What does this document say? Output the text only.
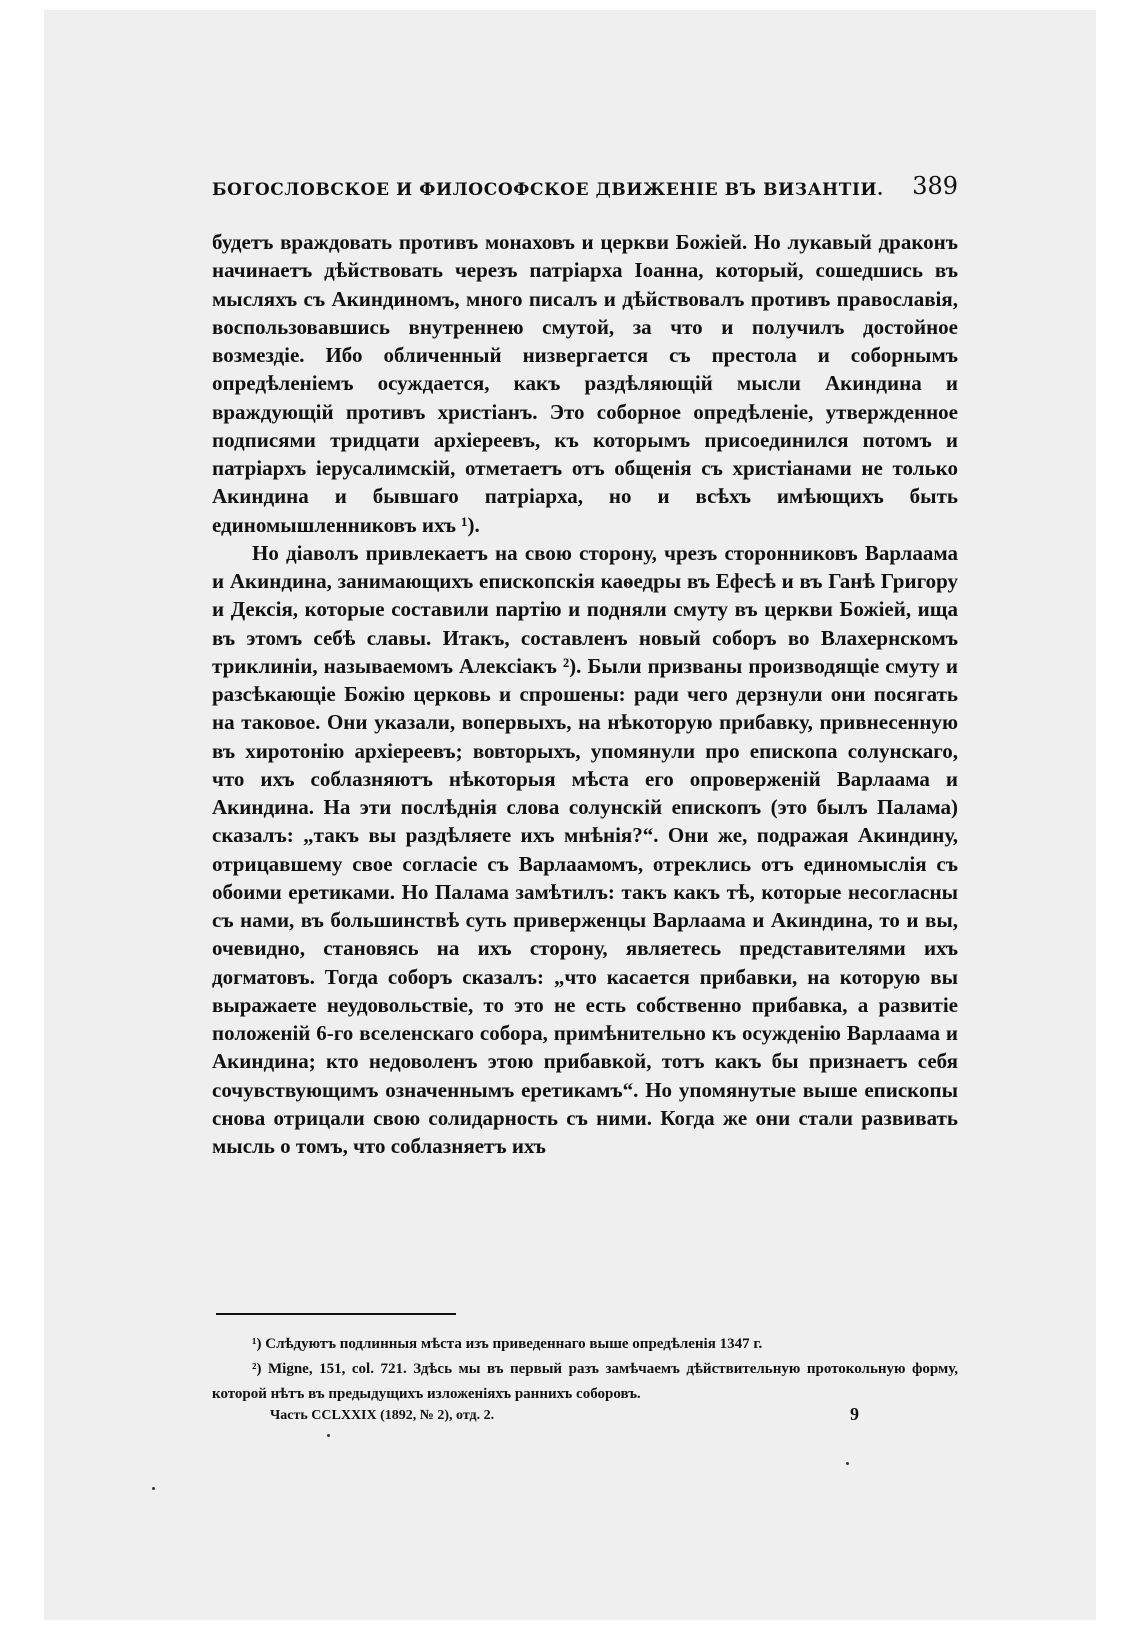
БОГОСЛОВСКОЕ И ФИЛОСОФСКОЕ ДВИЖЕНІЕ ВЪ ВИЗАНТІИ. 389

будетъ враждовать противъ монаховъ и церкви Божіей. Но лукавый драконъ начинаетъ дѣйствовать черезъ патріарха Іоанна, который, сошедшись въ мысляхъ съ Акиндиномъ, много писалъ и дѣйствовалъ противъ православія, воспользовавшись внутреннею смутой, за что и получилъ достойное возмездіе. Ибо обличенный низвергается съ престола и соборнымъ опредѣленіемъ осуждается, какъ раздѣляющій мысли Акиндина и враждующій противъ христіанъ. Это соборное опредѣленіе, утвержденное подписями тридцати архіереевъ, къ которымъ присоединился потомъ и патріархъ іерусалимскій, отметаетъ отъ общенія съ христіанами не только Акиндина и бывшаго патріарха, но и всѣхъ имѣющихъ быть единомышленниковъ ихъ ¹).

Но діаволъ привлекаетъ на свою сторону, чрезъ сторонниковъ Варлаама и Акиндина, занимающихъ епископскія каѳедры въ Ефесѣ и въ Ганѣ Григору и Дексія, которые составили партію и подняли смуту въ церкви Божіей, ища въ этомъ себѣ славы. Итакъ, составленъ новый соборъ во Влахернскомъ триклиніи, называемомъ Алексіакъ ²). Были призваны производящіе смуту и разсѣкающіе Божію церковь и спрошены: ради чего дерзнули они посягать на таковое. Они указали, вопервыхъ, на нѣкоторую прибавку, привнесенную въ хиротонію архіереевъ; вовторыхъ, упомянули про епископа солунскаго, что ихъ соблазняютъ нѣкоторыя мѣста его опроверженій Варлаама и Акиндина. На эти послѣднія слова солунскій епископъ (это былъ Палама) сказалъ: „такъ вы раздѣляете ихъ мнѣнія?“. Они же, подражая Акиндину, отрицавшему свое согласіе съ Варлаамомъ, отреклись отъ единомыслія съ обоими еретиками. Но Палама замѣтилъ: такъ какъ тѣ, которые несогласны съ нами, въ большинствѣ суть приверженцы Варлаама и Акиндина, то и вы, очевидно, становясь на ихъ сторону, являетесь представителями ихъ догматовъ. Тогда соборъ сказалъ: „что касается прибавки, на которую вы выражаете неудовольствіе, то это не есть собственно прибавка, а развитіе положеній 6-го вселенскаго собора, примѣнительно къ осужденію Варлаама и Акиндина; кто недоволенъ этою прибавкой, тотъ какъ бы признаетъ себя сочувствующимъ означеннымъ еретикамъ“. Но упомянутые выше епископы снова отрицали свою солидарность съ ними. Когда же они стали развивать мысль о томъ, что соблазняетъ ихъ

¹) Слѣдуютъ подлинныя мѣста изъ приведеннаго выше опредѣленія 1347 г.

²) Migne, 151, col. 721. Здѣсь мы въ первый разъ замѣчаемъ дѣйствительную протокольную форму, которой нѣтъ въ предыдущихъ изложеніяхъ раннихъ соборовъ.

Часть CCLXXIX (1892, № 2), отд. 2.	9
